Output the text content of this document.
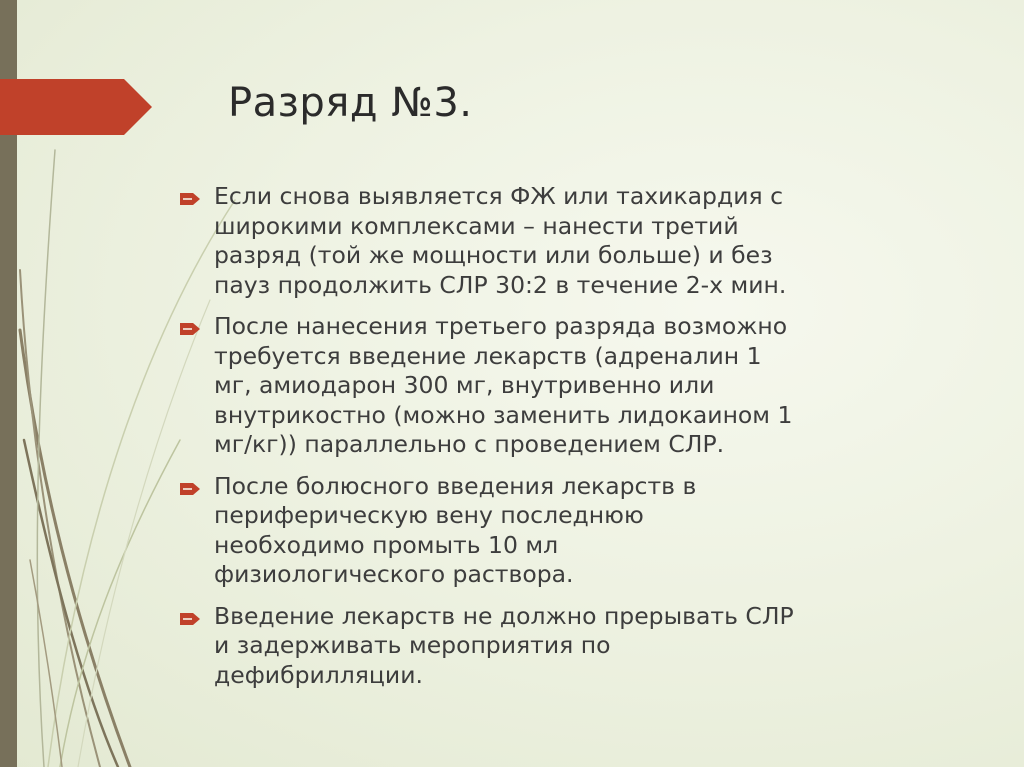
Разряд №3.
Если снова выявляется ФЖ или тахикардия с
широкими комплексами – нанести третий
разряд (той же мощности или больше) и без
пауз продолжить СЛР 30:2 в течение 2-х мин.
После нанесения третьего разряда возможно
требуется введение лекарств (адреналин 1
мг, амиодарон 300 мг, внутривенно или
внутрикостно (можно заменить лидокаином 1
мг/кг)) параллельно с проведением СЛР.
После болюсного введения лекарств в
периферическую вену последнюю
необходимо промыть 10 мл
физиологического раствора.
Введение лекарств не должно прерывать СЛР
и задерживать мероприятия по
дефибрилляции.
